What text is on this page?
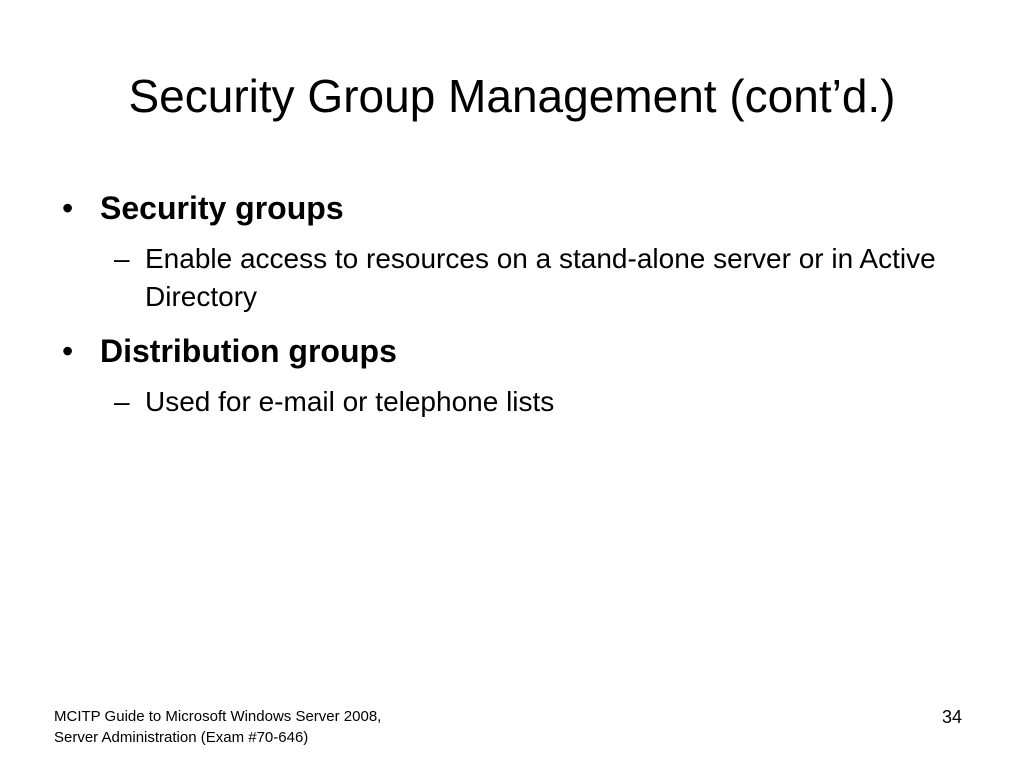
Security Group Management (cont’d.)
• Security groups
– Enable access to resources on a stand-alone server or in Active Directory
• Distribution groups
– Used for e-mail or telephone lists
MCITP Guide to Microsoft Windows Server 2008,
Server Administration (Exam #70-646)
34
